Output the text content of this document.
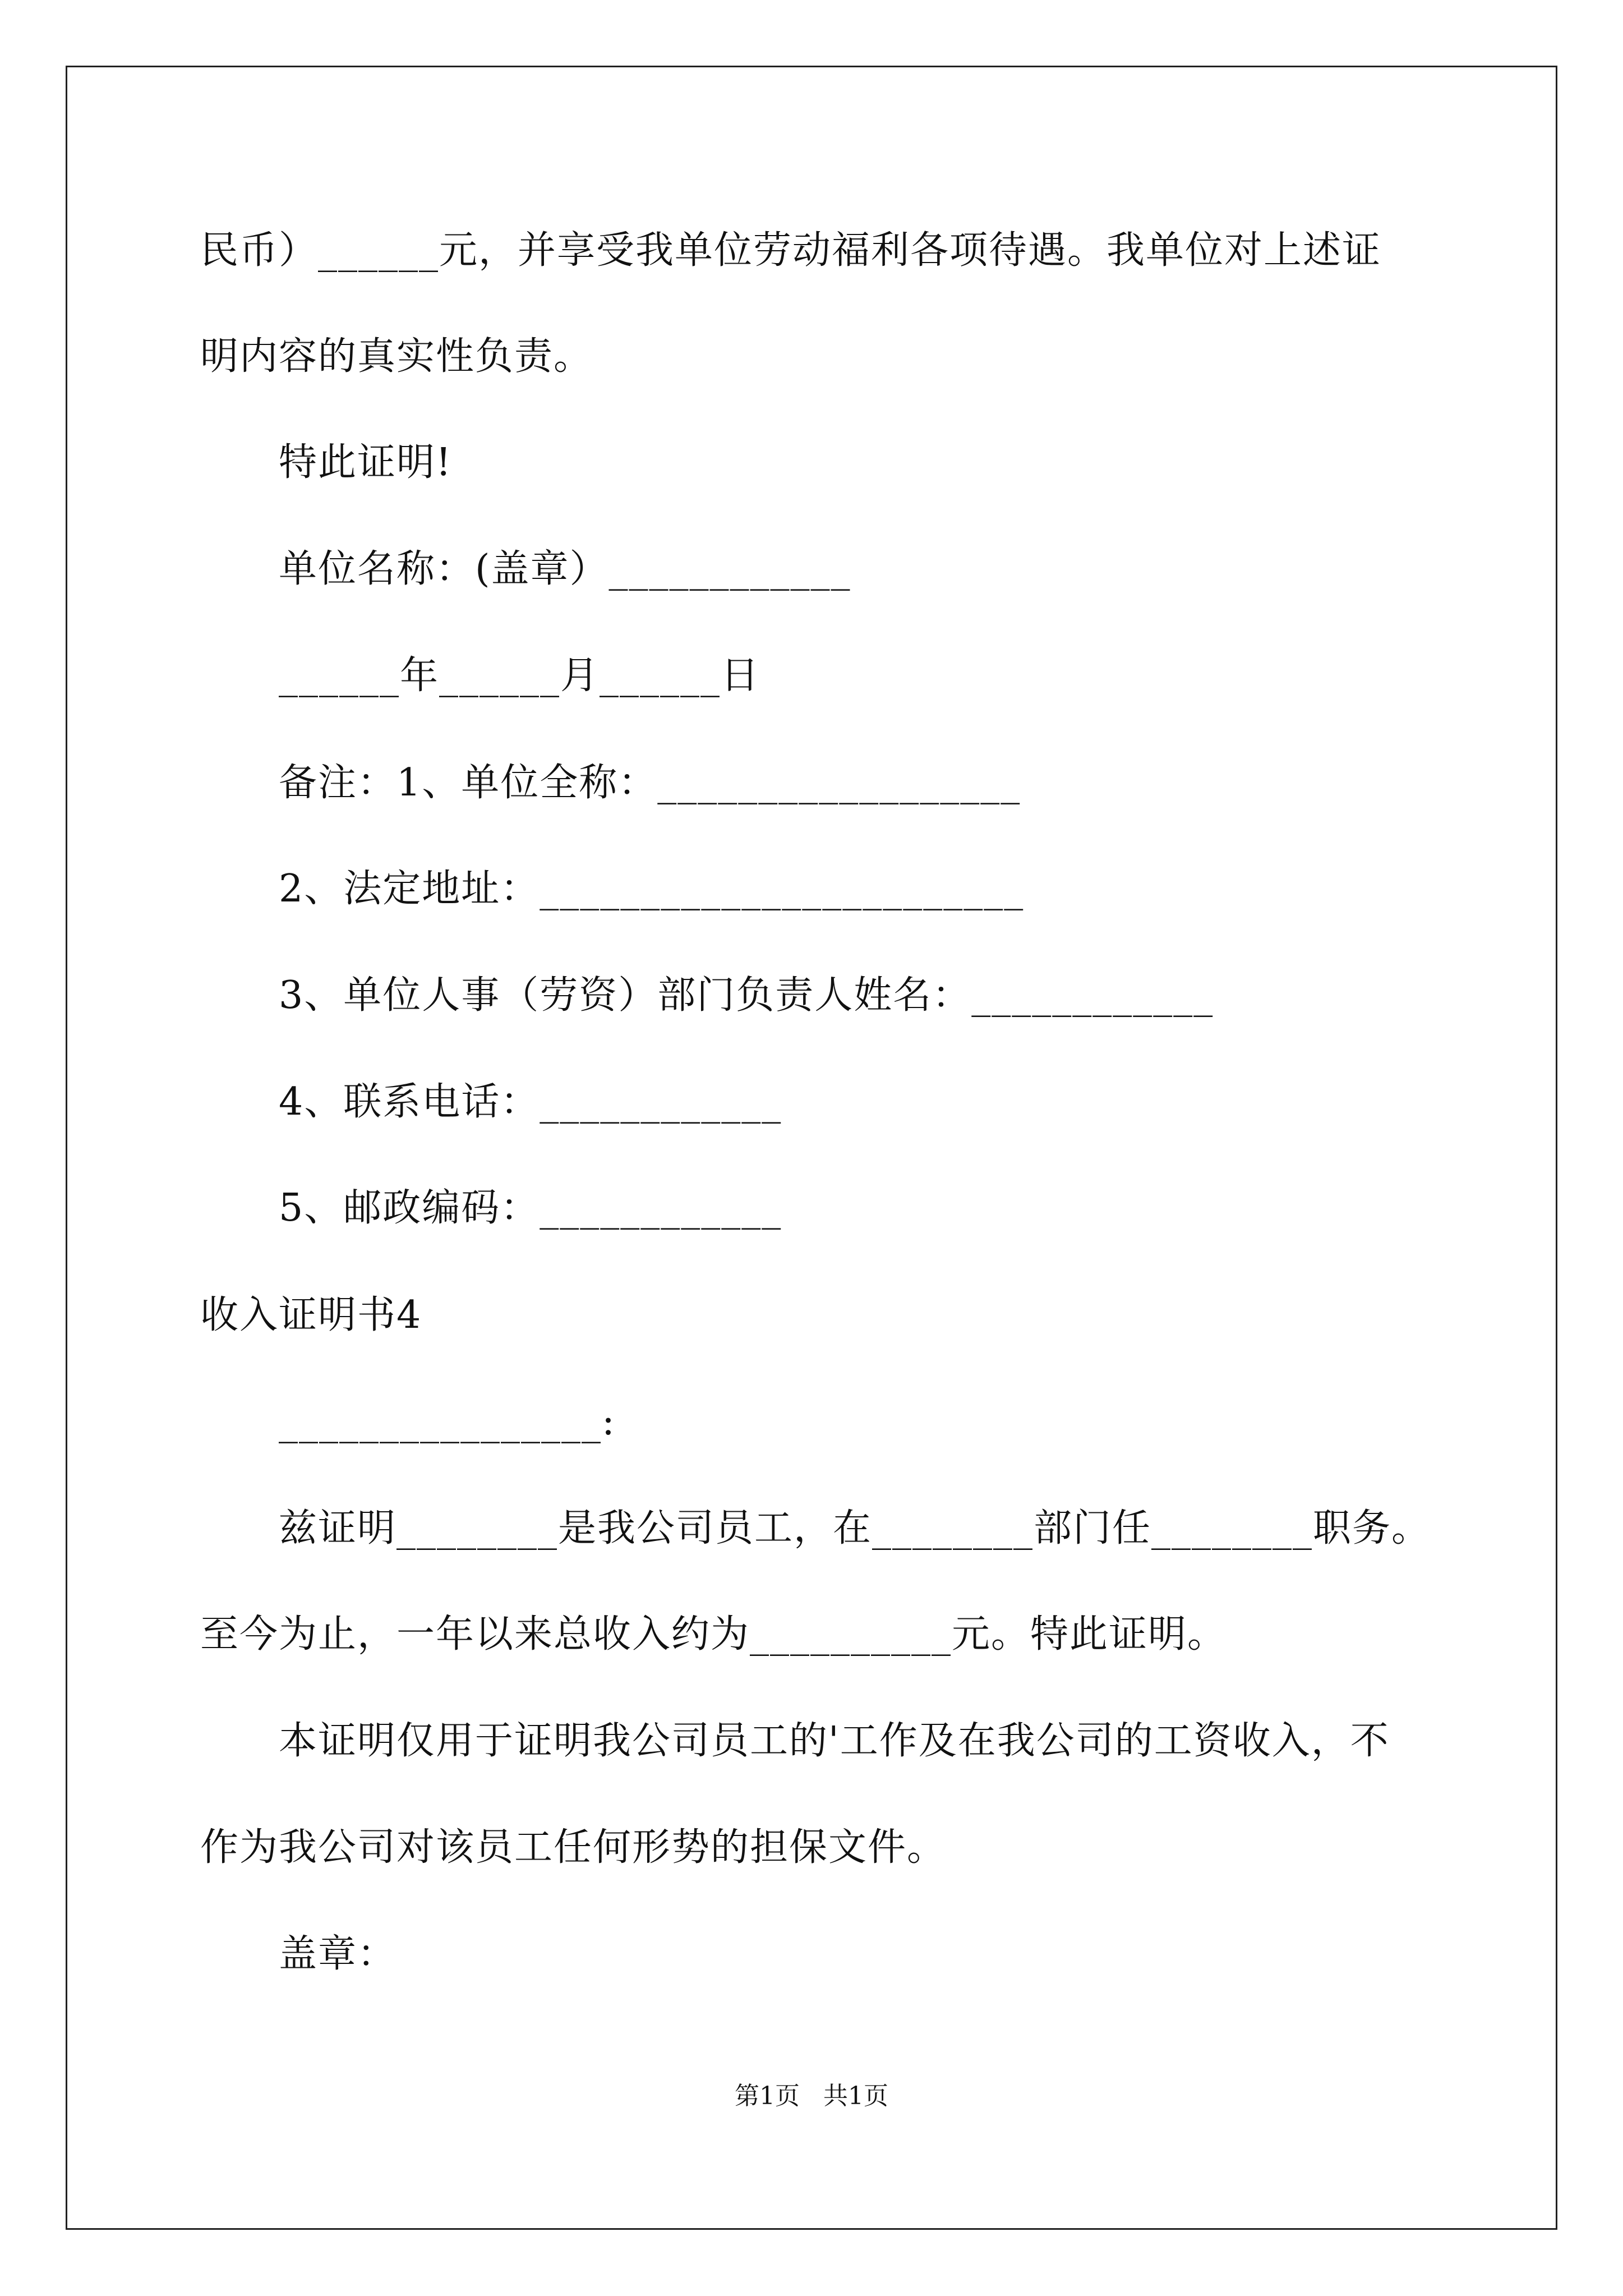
民币）______元，并享受我单位劳动福利各项待遇。我单位对上述证
明内容的真实性负责。
特此证明!
单位名称：(盖章）____________
______年______月______日
备注：1、单位全称：__________________
2、法定地址：________________________
3、单位人事（劳资）部门负责人姓名：____________
4、联系电话：____________
5、邮政编码：____________
收入证明书4
________________:
兹证明________是我公司员工，在________部门任________职务。
至今为止，一年以来总收入约为__________元。特此证明。
本证明仅用于证明我公司员工的'工作及在我公司的工资收入，不
作为我公司对该员工任何形势的担保文件。
盖章：
第1页   共1页
